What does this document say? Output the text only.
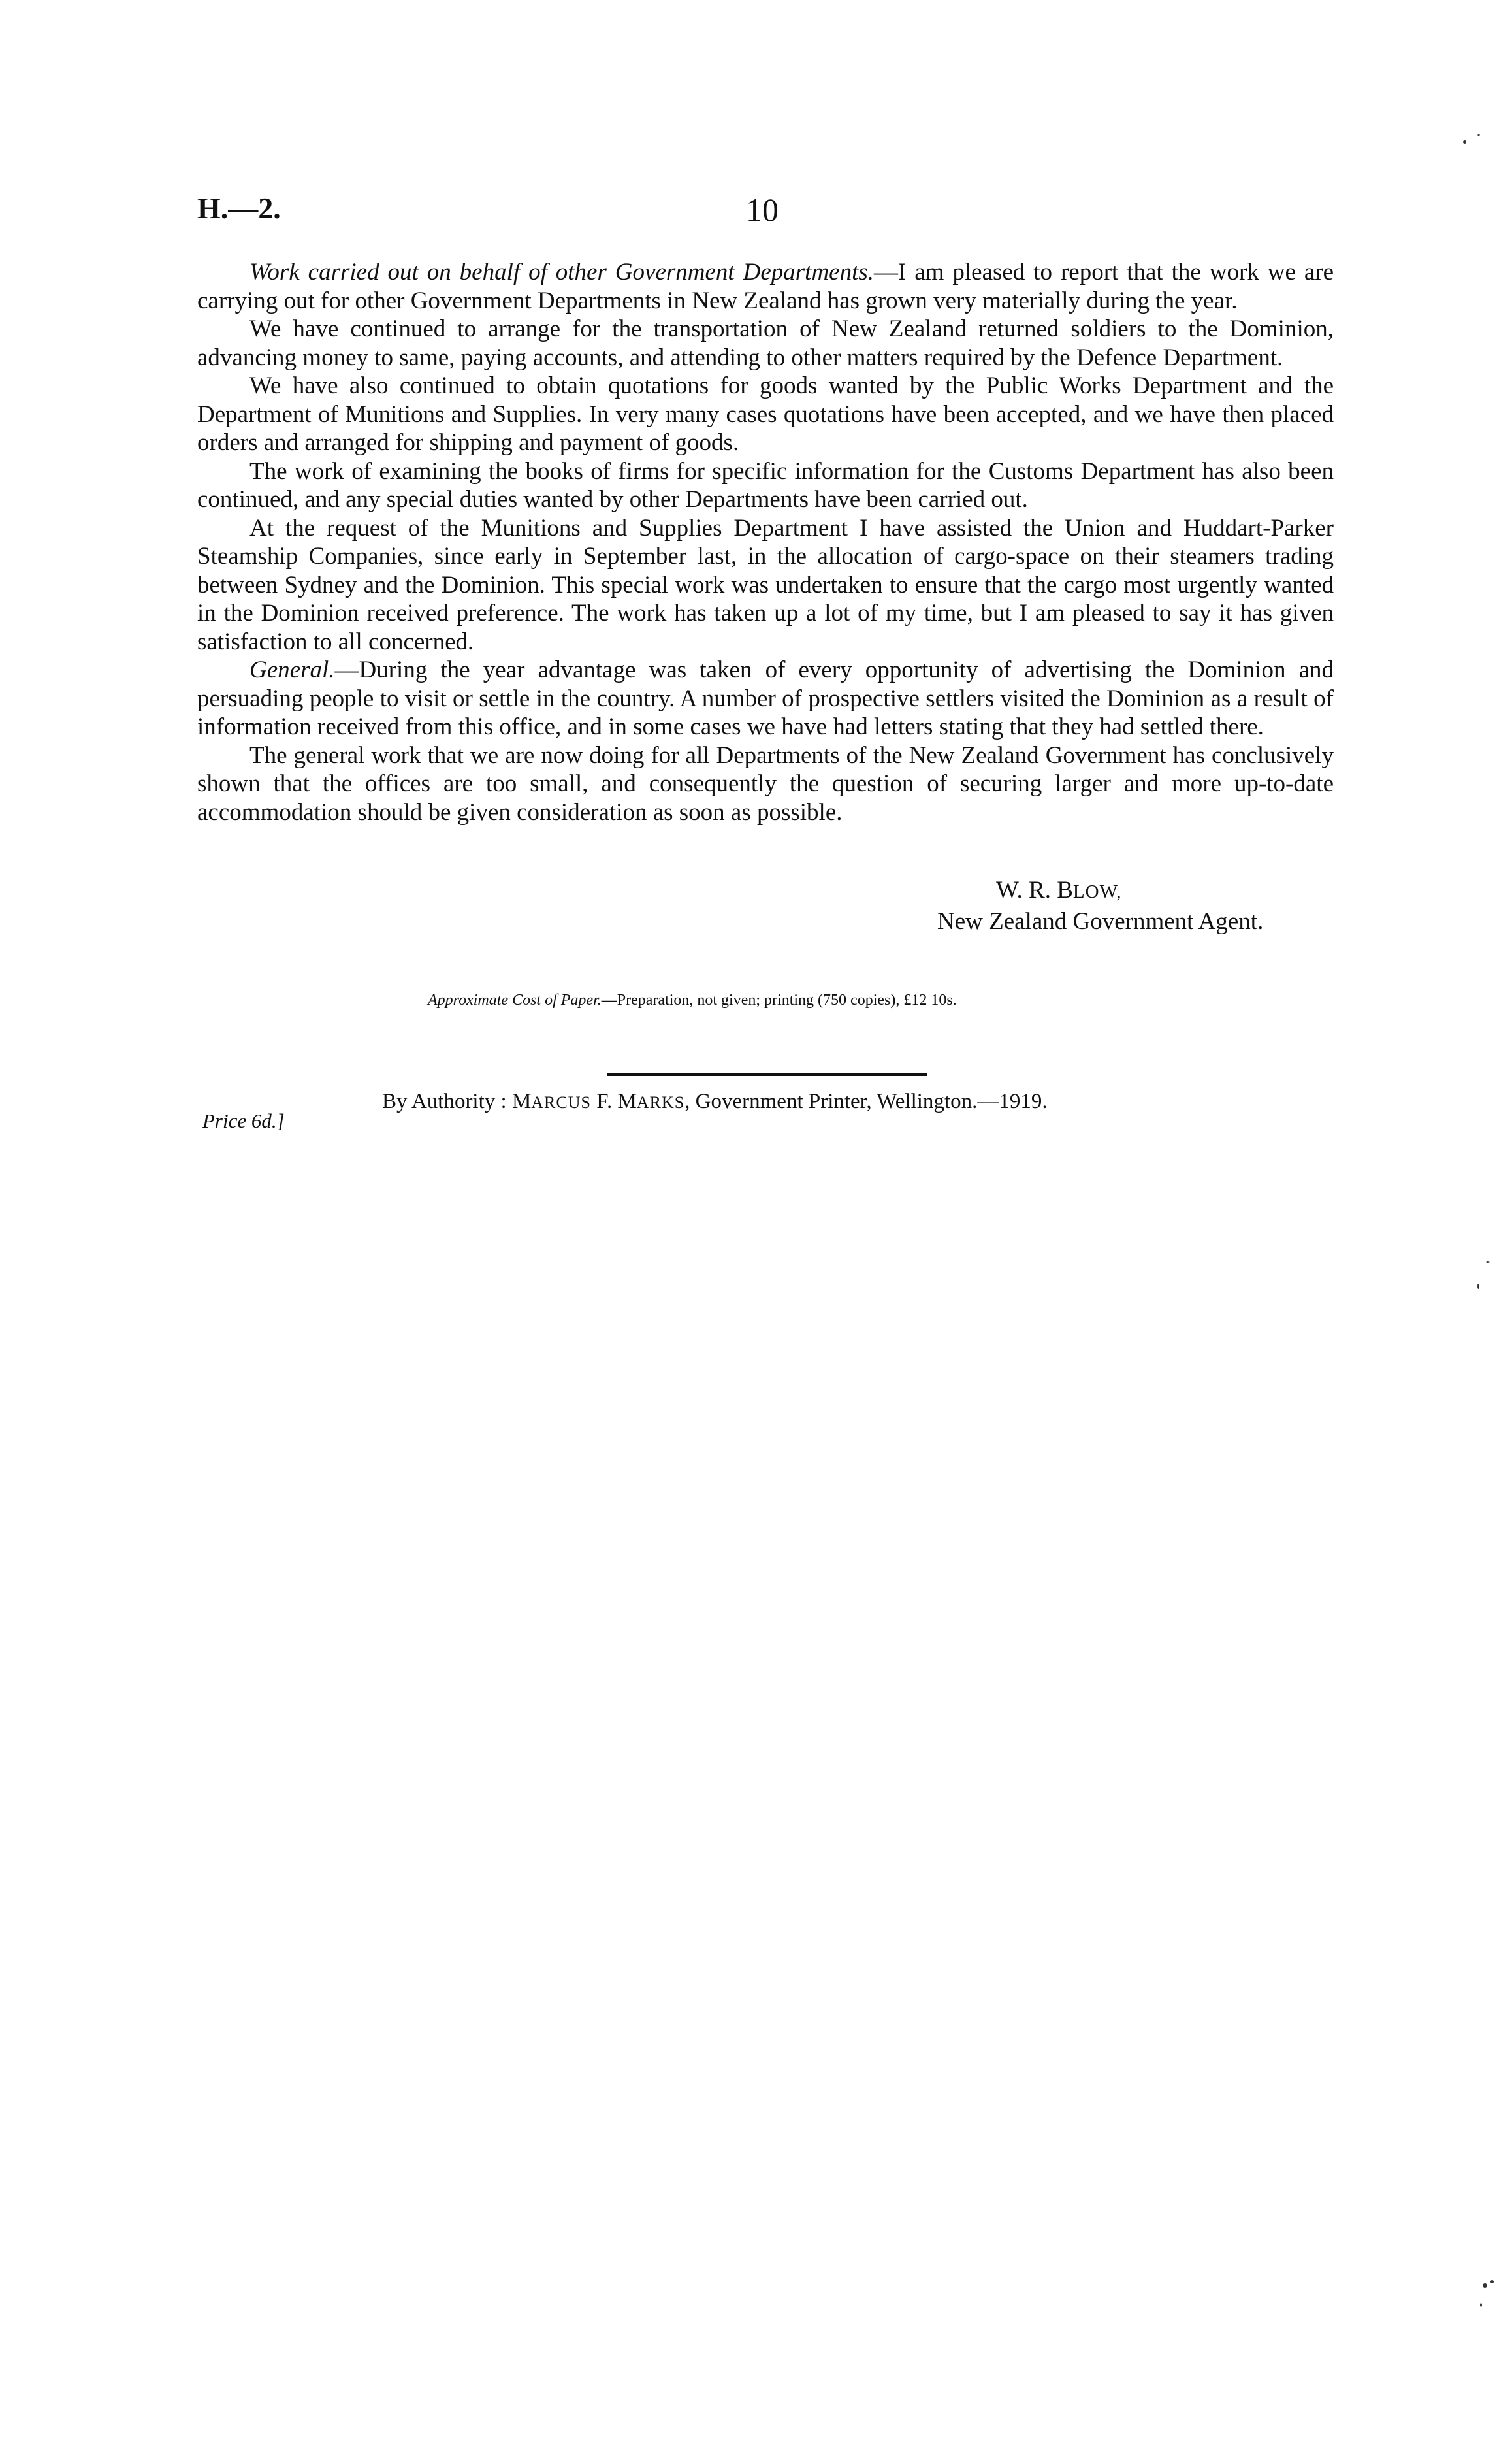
H.—2.	10

Work carried out on behalf of other Government Departments.—I am pleased to report that the work we are carrying out for other Government Departments in New Zealand has grown very materially during the year.

We have continued to arrange for the transportation of New Zealand returned soldiers to the Dominion, advancing money to same, paying accounts, and attending to other matters required by the Defence Department.

We have also continued to obtain quotations for goods wanted by the Public Works Department and the Department of Munitions and Supplies. In very many cases quotations have been accepted, and we have then placed orders and arranged for shipping and payment of goods.

The work of examining the books of firms for specific information for the Customs Department has also been continued, and any special duties wanted by other Departments have been carried out.

At the request of the Munitions and Supplies Department I have assisted the Union and Huddart-Parker Steamship Companies, since early in September last, in the allocation of cargo-space on their steamers trading between Sydney and the Dominion. This special work was undertaken to ensure that the cargo most urgently wanted in the Dominion received preference. The work has taken up a lot of my time, but I am pleased to say it has given satisfaction to all concerned.

General.—During the year advantage was taken of every opportunity of advertising the Dominion and persuading people to visit or settle in the country. A number of prospective settlers visited the Dominion as a result of information received from this office, and in some cases we have had letters stating that they had settled there.

The general work that we are now doing for all Departments of the New Zealand Government has conclusively shown that the offices are too small, and consequently the question of securing larger and more up-to-date accommodation should be given consideration as soon as possible.

W. R. BLOW,
New Zealand Government Agent.
Approximate Cost of Paper.—Preparation, not given; printing (750 copies), £12 10s.
By Authority : MARCUS F. MARKS, Government Printer, Wellington.—1919.
Price 6d.]
